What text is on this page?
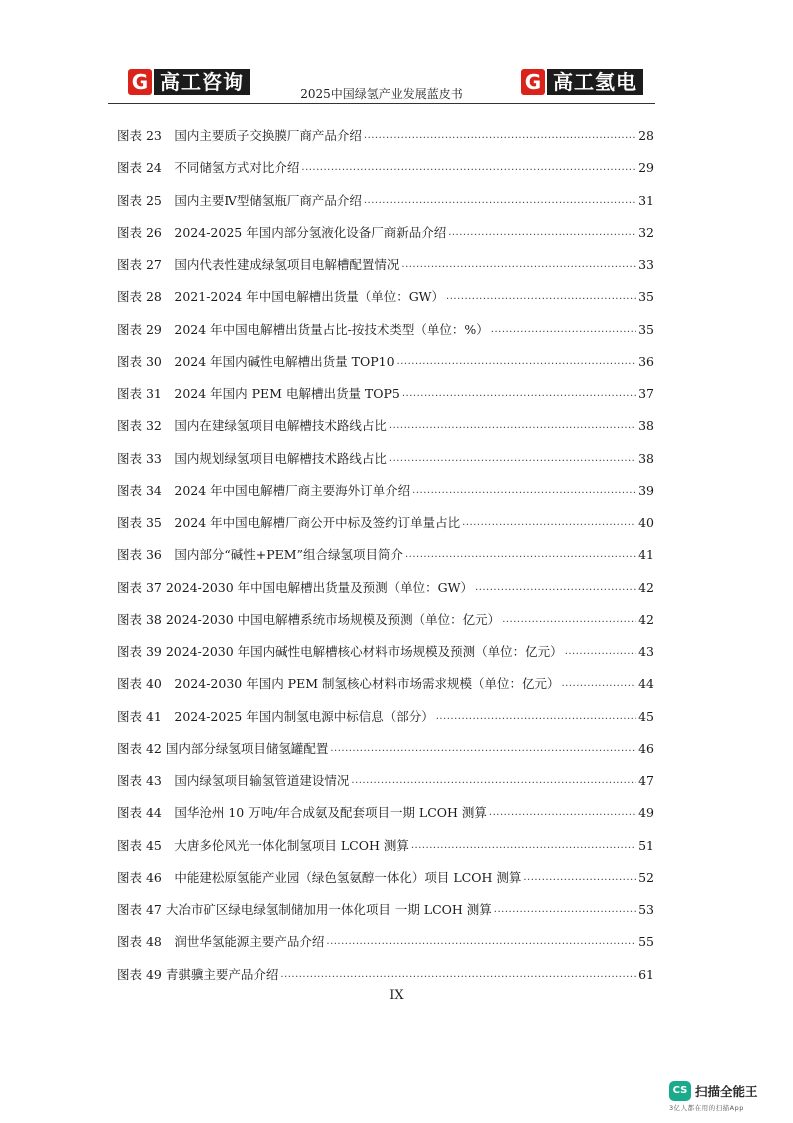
G 高工咨询	2025中国绿氢产业发展蓝皮书	G 高工氢电
图表 23　国内主要质子交换膜厂商产品介绍 .....	28
图表 24　不同储氢方式对比介绍 .....	29
图表 25　国内主要Ⅳ型储氢瓶厂商产品介绍 .....	31
图表 26　2024-2025 年国内部分氢液化设备厂商新品介绍 .....	32
图表 27　国内代表性建成绿氢项目电解槽配置情况 .....	33
图表 28　2021-2024 年中国电解槽出货量（单位：GW） .....	35
图表 29　2024 年中国电解槽出货量占比-按技术类型（单位：%） .....	35
图表 30　2024 年国内碱性电解槽出货量 TOP10 .....	36
图表 31　2024 年国内 PEM 电解槽出货量 TOP5 .....	37
图表 32　国内在建绿氢项目电解槽技术路线占比 .....	38
图表 33　国内规划绿氢项目电解槽技术路线占比 .....	38
图表 34　2024 年中国电解槽厂商主要海外订单介绍 .....	39
图表 35　2024 年中国电解槽厂商公开中标及签约订单量占比 .....	40
图表 36　国内部分“碱性+PEM”组合绿氢项目简介 .....	41
图表 37 2024-2030 年中国电解槽出货量及预测（单位：GW） .....	42
图表 38 2024-2030 中国电解槽系统市场规模及预测（单位：亿元） .....	42
图表 39 2024-2030 年国内碱性电解槽核心材料市场规模及预测（单位：亿元） .....	43
图表 40　2024-2030 年国内 PEM 制氢核心材料市场需求规模（单位：亿元） .....	44
图表 41　2024-2025 年国内制氢电源中标信息（部分） .....	45
图表 42 国内部分绿氢项目储氢罐配置 .....	46
图表 43　国内绿氢项目输氢管道建设情况 .....	47
图表 44　国华沧州 10 万吨/年合成氨及配套项目一期 LCOH 测算 .....	49
图表 45　大唐多伦风光一体化制氢项目 LCOH 测算 .....	51
图表 46　中能建松原氢能产业园（绿色氢氨醇一体化）项目 LCOH 测算 .....	52
图表 47 大冶市矿区绿电绿氢制储加用一体化项目 一期 LCOH 测算 .....	53
图表 48　润世华氢能源主要产品介绍 .....	55
图表 49 青骐骥主要产品介绍 .....	61
IX
CS 扫描全能王
3亿人都在用的扫描App
